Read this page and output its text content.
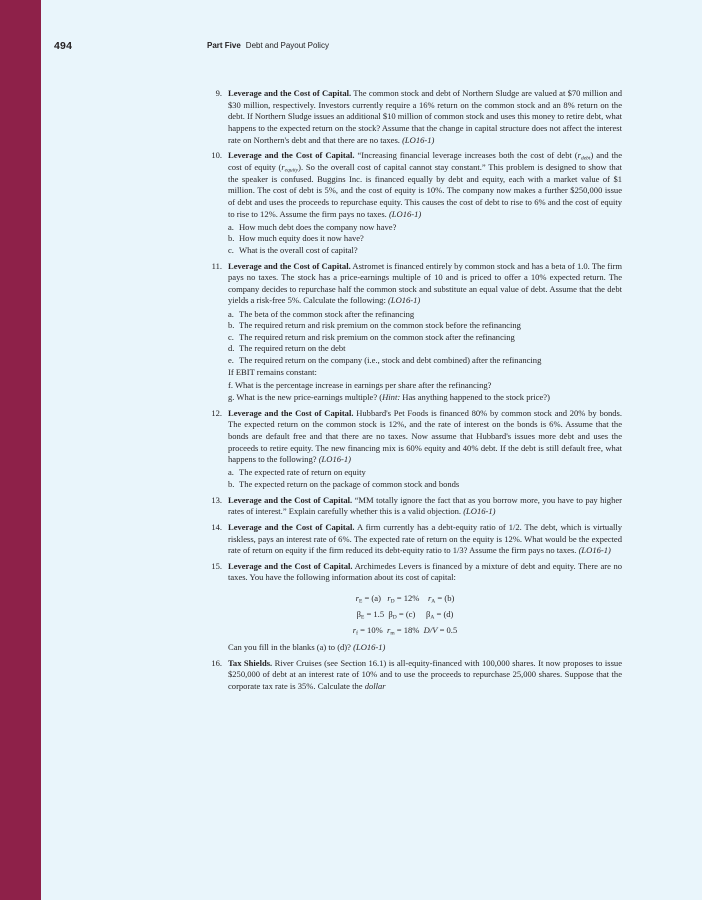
494	Part Five Debt and Payout Policy
9. Leverage and the Cost of Capital. The common stock and debt of Northern Sludge are valued at $70 million and $30 million, respectively. Investors currently require a 16% return on the common stock and an 8% return on the debt. If Northern Sludge issues an additional $10 million of common stock and uses this money to retire debt, what happens to the expected return on the stock? Assume that the change in capital structure does not affect the interest rate on Northern's debt and that there are no taxes. (LO16-1)

10. Leverage and the Cost of Capital. “Increasing financial leverage increases both the cost of debt $(r_{debt})$ and the cost of equity $(r_{equity})$. So the overall cost of capital cannot stay constant.” This problem is designed to show that the speaker is confused. Buggins Inc. is financed equally by debt and equity, each with a market value of $1 million. The cost of debt is 5%, and the cost of equity is 10%. The company now makes a further $250,000 issue of debt and uses the proceeds to repurchase equity. This causes the cost of debt to rise to 6% and the cost of equity to rise to 12%. Assume the firm pays no taxes. (LO16-1)

a. How much debt does the company now have?
b. How much equity does it now have?
c. What is the overall cost of capital?
11. Leverage and the Cost of Capital. Astromet is financed entirely by common stock and has a beta of 1.0. The firm pays no taxes. The stock has a price-earnings multiple of 10 and is priced to offer a 10% expected return. The company decides to repurchase half the common stock and substitute an equal value of debt. Assume that the debt yields a risk-free 5%. Calculate the following: (LO16-1)

a. The beta of the common stock after the refinancing
b. The required return and risk premium on the common stock before the refinancing
c. The required return and risk premium on the common stock after the refinancing
d. The required return on the debt
e. The required return on the company (i.e., stock and debt combined) after the refinancing

If EBIT remains constant:

f. What is the percentage increase in earnings per share after the refinancing?

g. What is the new price-earnings multiple? (Hint: Has anything happened to the stock price?)

12. Leverage and the Cost of Capital. Hubbard's Pet Foods is financed 80% by common stock and 20% by bonds. The expected return on the common stock is 12%, and the rate of interest on the bonds is 6%. Assume that the bonds are default free and that there are no taxes. Now assume that Hubbard's issues more debt and uses the proceeds to retire equity. The new financing mix is 60% equity and 40% debt. If the debt is still default free, what happens to the following? (LO16-1)

a. The expected rate of return on equity
b. The expected return on the package of common stock and bonds
13. Leverage and the Cost of Capital. “MM totally ignore the fact that as you borrow more, you have to pay higher rates of interest.” Explain carefully whether this is a valid objection. (LO16-1)

14. Leverage and the Cost of Capital. A firm currently has a debt-equity ratio of 1/2. The debt, which is virtually riskless, pays an interest rate of 6%. The expected rate of return on the equity is 12%. What would be the expected rate of return on equity if the firm reduced its debt-equity ratio to 1/3? Assume the firm pays no taxes. (LO16-1)

15. Leverage and the Cost of Capital. Archimedes Levers is financed by a mixture of debt and equity. There are no taxes. You have the following information about its cost of capital:

$r_E = (a) r_D = 12\%$ $r_A = (b)$
$\beta_E = 1.5$ $\beta_D = (c) \beta_A = (d)$
$r_f = 10\%$ $r_m = 18\%$ D/V = 0.5

Can you fill in the blanks (a) to (d)? (LO16-1)

16. Tax Shields. River Cruises (see Section 16.1) is all-equity-financed with 100,000 shares. It now proposes to issue $250,000 of debt at an interest rate of 10% and to use the proceeds to repurchase 25,000 shares. Suppose that the corporate tax rate is 35%. Calculate the dollar
